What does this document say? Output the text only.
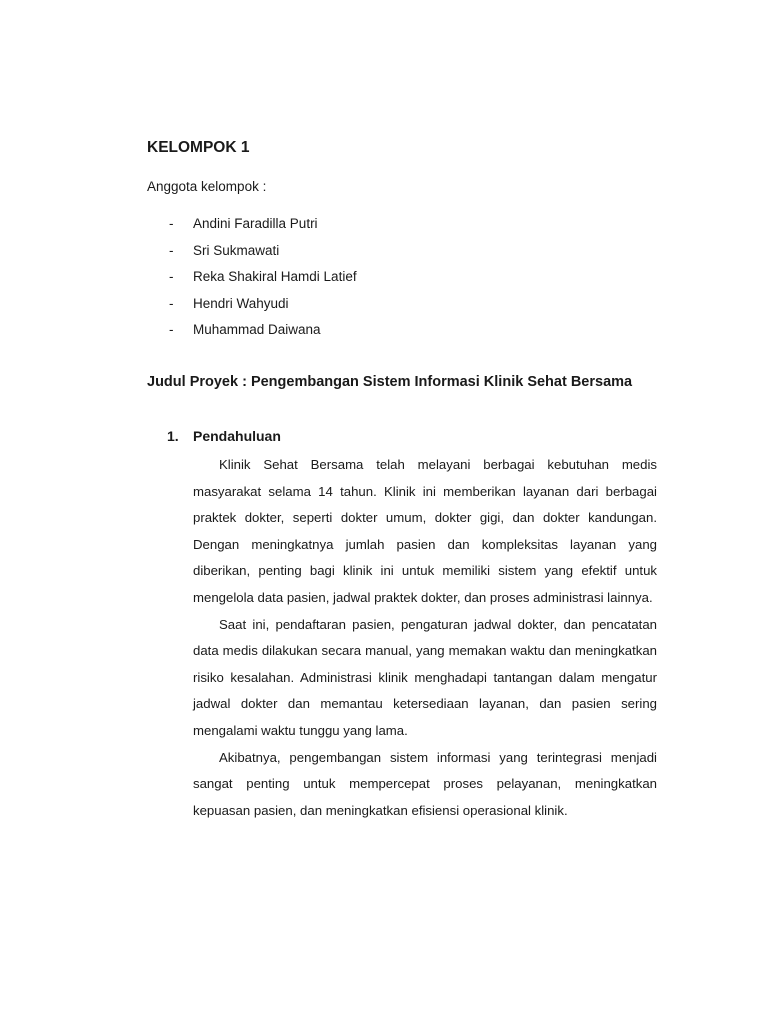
KELOMPOK 1

Anggota kelompok :

- Andini Faradilla Putri
- Sri Sukmawati
- Reka Shakiral Hamdi Latief
- Hendri Wahyudi
- Muhammad Daiwana
Judul Proyek : Pengembangan Sistem Informasi Klinik Sehat Bersama
1. Pendahuluan

Klinik Sehat Bersama telah melayani berbagai kebutuhan medis masyarakat selama 14 tahun. Klinik ini memberikan layanan dari berbagai praktek dokter, seperti dokter umum, dokter gigi, dan dokter kandungan. Dengan meningkatnya jumlah pasien dan kompleksitas layanan yang diberikan, penting bagi klinik ini untuk memiliki sistem yang efektif untuk mengelola data pasien, jadwal praktek dokter, dan proses administrasi lainnya.

Saat ini, pendaftaran pasien, pengaturan jadwal dokter, dan pencatatan data medis dilakukan secara manual, yang memakan waktu dan meningkatkan risiko kesalahan. Administrasi klinik menghadapi tantangan dalam mengatur jadwal dokter dan memantau ketersediaan layanan, dan pasien sering mengalami waktu tunggu yang lama.

Akibatnya, pengembangan sistem informasi yang terintegrasi menjadi sangat penting untuk mempercepat proses pelayanan, meningkatkan kepuasan pasien, dan meningkatkan efisiensi operasional klinik.
